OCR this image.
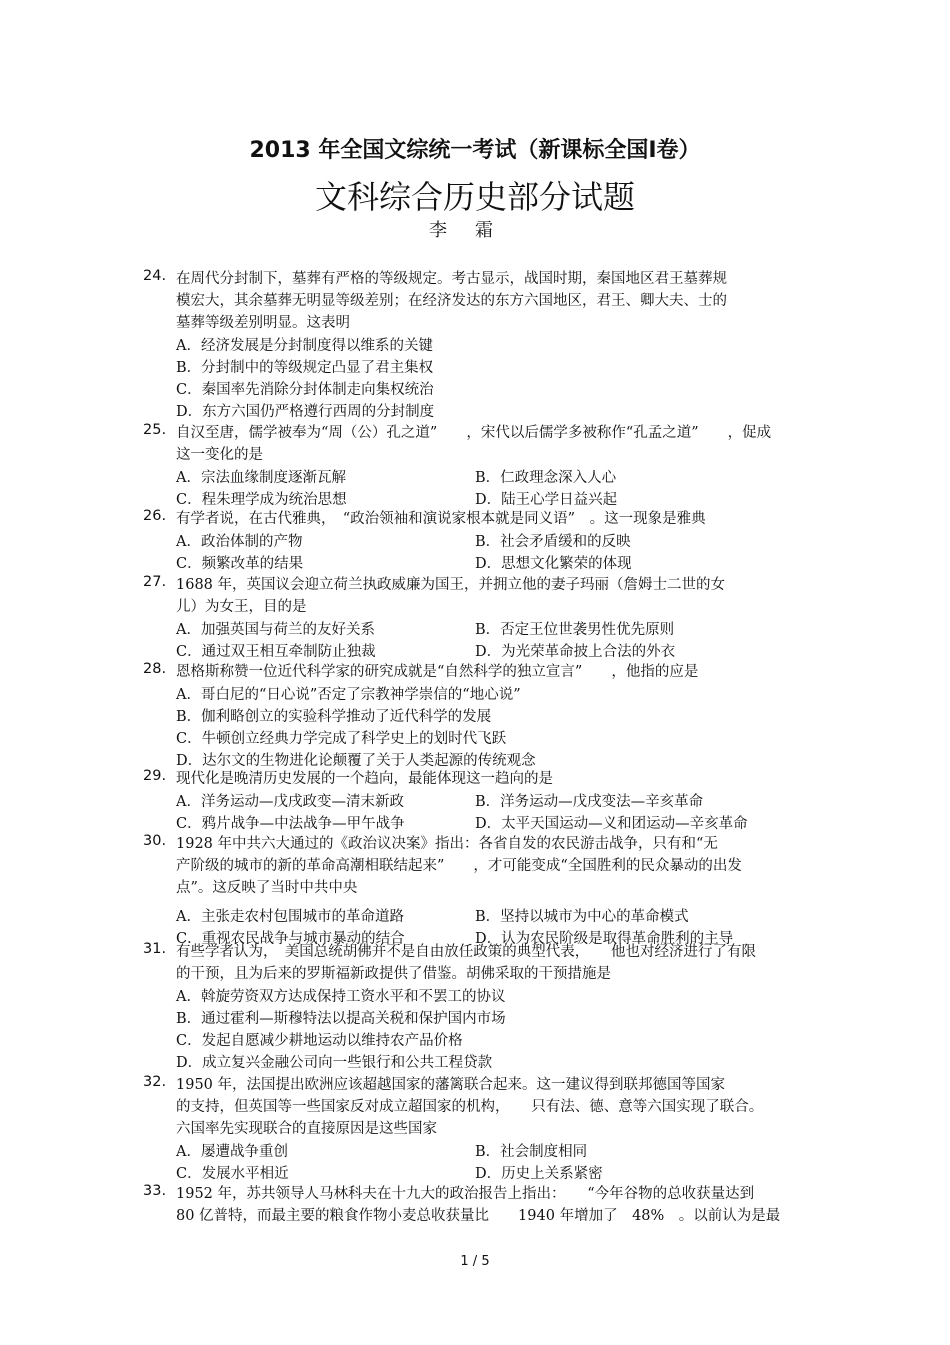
2013 年全国文综统一考试（新课标全国Ⅰ卷）
文科综合历史部分试题
李霜
24. 在周代分封制下，墓葬有严格的等级规定。考古显示，战国时期，秦国地区君王墓葬规
模宏大，其余墓葬无明显等级差别；在经济发达的东方六国地区，君王、卿大夫、士的
墓葬等级差别明显。这表明
A．经济发展是分封制度得以维系的关键
B．分封制中的等级规定凸显了君主集权
C．秦国率先消除分封体制走向集权统治
D．东方六国仍严格遵行西周的分封制度
25. 自汉至唐，儒学被奉为“周（公）孔之道”　　，宋代以后儒学多被称作“孔孟之道”　　，促成
这一变化的是
A．宗法血缘制度逐渐瓦解	B．仁政理念深入人心
C．程朱理学成为统治思想	D．陆王心学日益兴起
26. 有学者说，在古代雅典，　“政治领袖和演说家根本就是同义语”　。这一现象是雅典
A．政治体制的产物	B．社会矛盾缓和的反映
C．频繁改革的结果	D．思想文化繁荣的体现
27. 1688 年，英国议会迎立荷兰执政威廉为国王，并拥立他的妻子玛丽（詹姆士二世的女
儿）为女王，目的是
A．加强英国与荷兰的友好关系	B．否定王位世袭男性优先原则
C．通过双王相互牵制防止独裁	D．为光荣革命披上合法的外衣
28. 恩格斯称赞一位近代科学家的研究成就是“自然科学的独立宣言”　　，他指的应是
A．哥白尼的“日心说”否定了宗教神学崇信的“地心说”
B．伽利略创立的实验科学推动了近代科学的发展
C．牛顿创立经典力学完成了科学史上的划时代飞跃
D．达尔文的生物进化论颠覆了关于人类起源的传统观念
29. 现代化是晚清历史发展的一个趋向，最能体现这一趋向的是
A．洋务运动—戊戌政变—清末新政	B．洋务运动—戊戌变法—辛亥革命
C．鸦片战争—中法战争—甲午战争	D．太平天国运动—义和团运动—辛亥革命
30. 1928 年中共六大通过的《政治议决案》指出：各省自发的农民游击战争，只有和“无
产阶级的城市的新的革命高潮相联结起来”　　，才可能变成“全国胜利的民众暴动的出发
点”。这反映了当时中共中央
A．主张走农村包围城市的革命道路	B．坚持以城市为中心的革命模式
C．重视农民战争与城市暴动的结合	D．认为农民阶级是取得革命胜利的主导
31. 有些学者认为，　美国总统胡佛并不是自由放任政策的典型代表，　　他也对经济进行了有限
的干预，且为后来的罗斯福新政提供了借鉴。胡佛采取的干预措施是
A．斡旋劳资双方达成保持工资水平和不罢工的协议
B．通过霍利—斯穆特法以提高关税和保护国内市场
C．发起自愿减少耕地运动以维持农产品价格
D．成立复兴金融公司向一些银行和公共工程贷款
32. 1950 年，法国提出欧洲应该超越国家的藩篱联合起来。这一建议得到联邦德国等国家
的支持，但英国等一些国家反对成立超国家的机构，　　只有法、德、意等六国实现了联合。
六国率先实现联合的直接原因是这些国家
A．屡遭战争重创	B．社会制度相同
C．发展水平相近	D．历史上关系紧密
33. 1952 年，苏共领导人马林科夫在十九大的政治报告上指出：　　“今年谷物的总收获量达到
80 亿普特，而最主要的粮食作物小麦总收获量比　　1940 年增加了　48%　。以前认为是最
1 / 5
